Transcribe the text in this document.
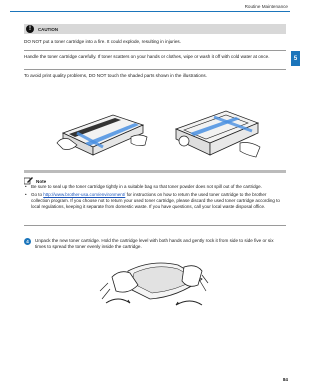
Routine Maintenance
5
!	CAUTION
DO NOT put a toner cartridge into a fire. It could explode, resulting in injuries.
Handle the toner cartridge carefully. If toner scatters on your hands or clothes, wipe or wash it off with cold water at once.
To avoid print quality problems, DO NOT touch the shaded parts shown in the illustrations.
Note
• Be sure to seal up the toner cartridge tightly in a suitable bag so that toner powder does not spill out of the cartridge.
• Go to http://www.brother-usa.com/environment/ for instructions on how to return the used toner cartridge to the brother collection program. If you choose not to return your used toner cartridge, please discard the used toner cartridge according to local regulations, keeping it separate from domestic waste. If you have questions, call your local waste disposal office.
4	Unpack the new toner cartridge. Hold the cartridge level with both hands and gently rock it from side to side five or six times to spread the toner evenly inside the cartridge.
84
